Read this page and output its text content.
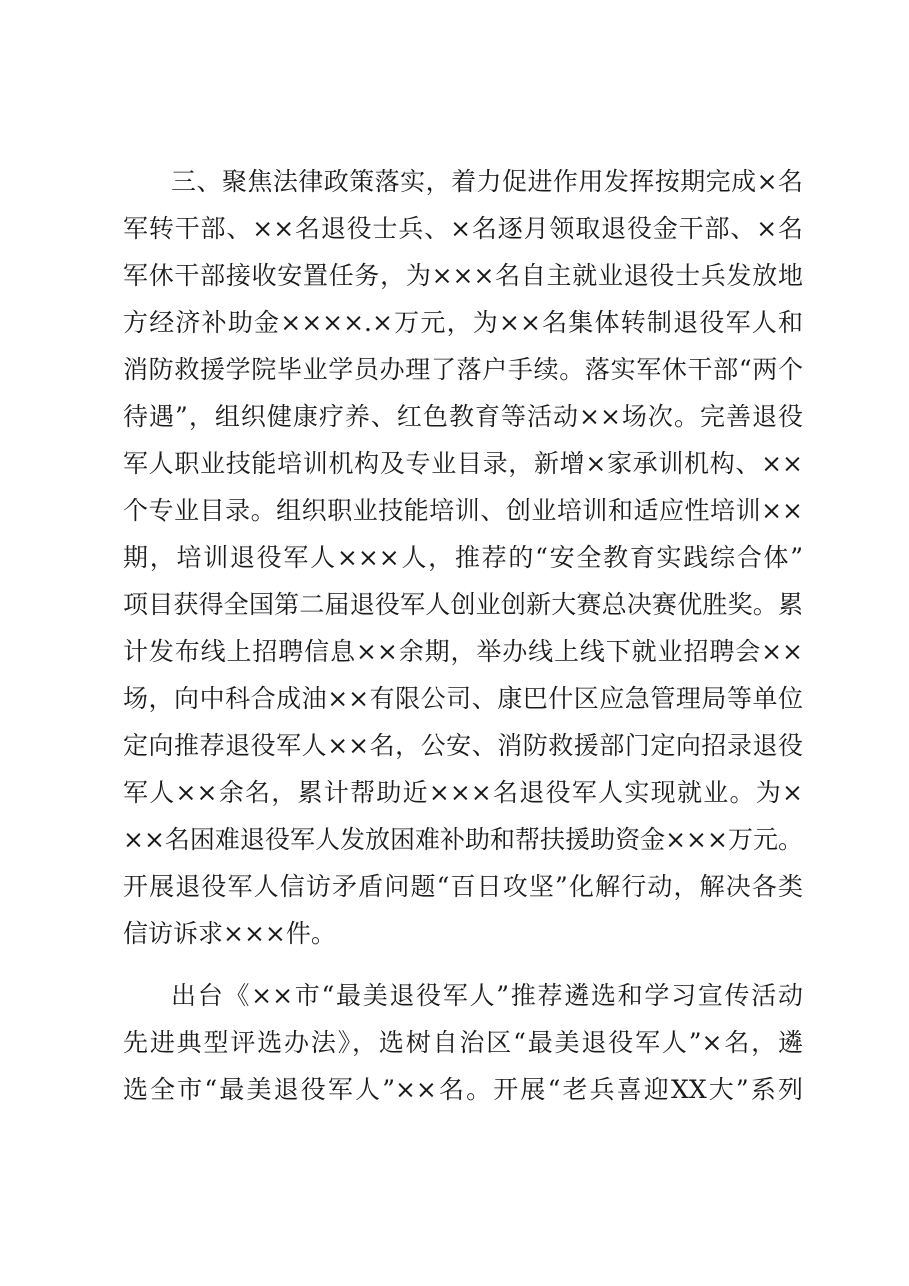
三、聚焦法律政策落实，着力促进作用发挥按期完成×名

军转干部、××名退役士兵、×名逐月领取退役金干部、×名

军休干部接收安置任务，为×××名自主就业退役士兵发放地

方经济补助金××××.×万元，为××名集体转制退役军人和

消防救援学院毕业学员办理了落户手续。落实军休干部“两个

待遇”，组织健康疗养、红色教育等活动××场次。完善退役

军人职业技能培训机构及专业目录，新增×家承训机构、××

个专业目录。组织职业技能培训、创业培训和适应性培训××

期，培训退役军人×××人，推荐的“安全教育实践综合体”

项目获得全国第二届退役军人创业创新大赛总决赛优胜奖。累

计发布线上招聘信息××余期，举办线上线下就业招聘会××

场，向中科合成油××有限公司、康巴什区应急管理局等单位

定向推荐退役军人××名，公安、消防救援部门定向招录退役

军人××余名，累计帮助近×××名退役军人实现就业。为×

××名困难退役军人发放困难补助和帮扶援助资金×××万元。

开展退役军人信访矛盾问题“百日攻坚”化解行动，解决各类

信访诉求×××件。

出台《××市“最美退役军人”推荐遴选和学习宣传活动

先进典型评选办法》，选树自治区“最美退役军人”×名，遴

选全市“最美退役军人”××名。开展“老兵喜迎XX大”系列
